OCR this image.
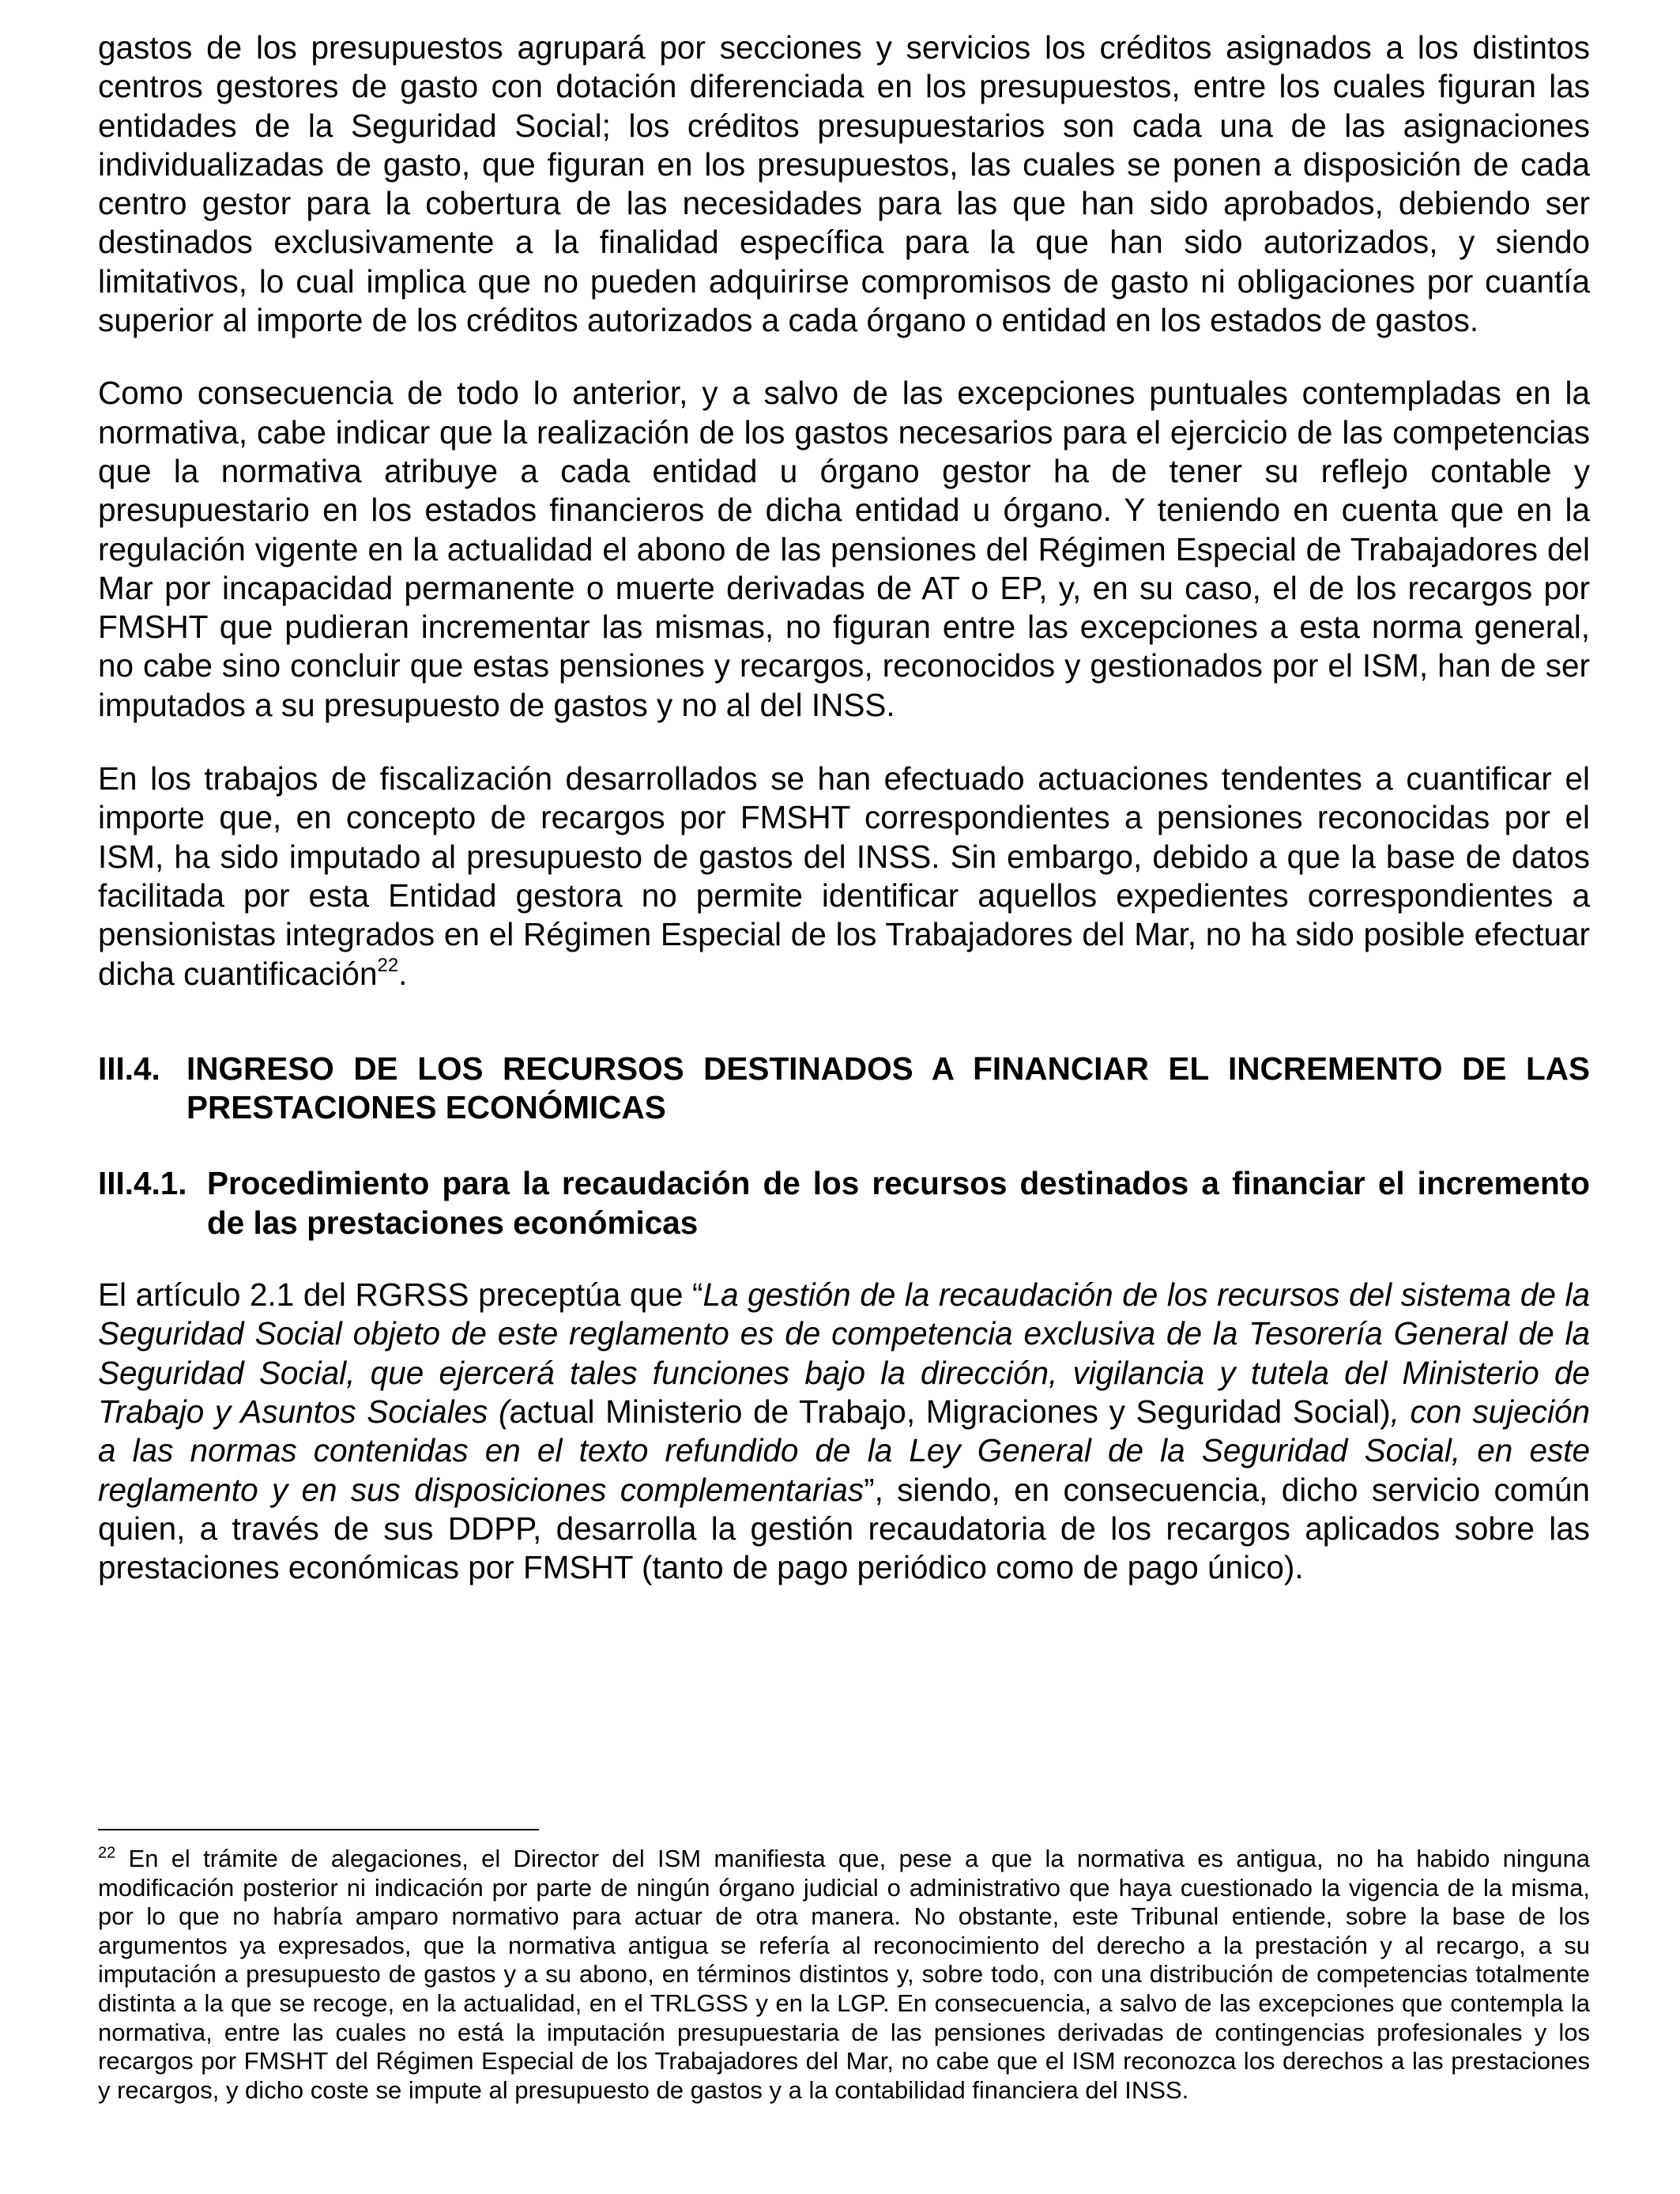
gastos de los presupuestos agrupará por secciones y servicios los créditos asignados a los distintos centros gestores de gasto con dotación diferenciada en los presupuestos, entre los cuales figuran las entidades de la Seguridad Social; los créditos presupuestarios son cada una de las asignaciones individualizadas de gasto, que figuran en los presupuestos, las cuales se ponen a disposición de cada centro gestor para la cobertura de las necesidades para las que han sido aprobados, debiendo ser destinados exclusivamente a la finalidad específica para la que han sido autorizados, y siendo limitativos, lo cual implica que no pueden adquirirse compromisos de gasto ni obligaciones por cuantía superior al importe de los créditos autorizados a cada órgano o entidad en los estados de gastos.

Como consecuencia de todo lo anterior, y a salvo de las excepciones puntuales contempladas en la normativa, cabe indicar que la realización de los gastos necesarios para el ejercicio de las competencias que la normativa atribuye a cada entidad u órgano gestor ha de tener su reflejo contable y presupuestario en los estados financieros de dicha entidad u órgano. Y teniendo en cuenta que en la regulación vigente en la actualidad el abono de las pensiones del Régimen Especial de Trabajadores del Mar por incapacidad permanente o muerte derivadas de AT o EP, y, en su caso, el de los recargos por FMSHT que pudieran incrementar las mismas, no figuran entre las excepciones a esta norma general, no cabe sino concluir que estas pensiones y recargos, reconocidos y gestionados por el ISM, han de ser imputados a su presupuesto de gastos y no al del INSS.

En los trabajos de fiscalización desarrollados se han efectuado actuaciones tendentes a cuantificar el importe que, en concepto de recargos por FMSHT correspondientes a pensiones reconocidas por el ISM, ha sido imputado al presupuesto de gastos del INSS. Sin embargo, debido a que la base de datos facilitada por esta Entidad gestora no permite identificar aquellos expedientes correspondientes a pensionistas integrados en el Régimen Especial de los Trabajadores del Mar, no ha sido posible efectuar dicha cuantificación$^{22}$.

III.4. INGRESO DE LOS RECURSOS DESTINADOS A FINANCIAR EL INCREMENTO DE LAS PRESTACIONES ECONÓMICAS
III.4.1. Procedimiento para la recaudación de los recursos destinados a financiar el incremento de las prestaciones económicas

El artículo 2.1 del RGRSS preceptúa que “La gestión de la recaudación de los recursos del sistema de la Seguridad Social objeto de este reglamento es de competencia exclusiva de la Tesorería General de la Seguridad Social, que ejercerá tales funciones bajo la dirección, vigilancia y tutela del Ministerio de Trabajo y Asuntos Sociales (actual Ministerio de Trabajo, Migraciones y Seguridad Social), con sujeción a las normas contenidas en el texto refundido de la Ley General de la Seguridad Social, en este reglamento y en sus disposiciones complementarias”, siendo, en consecuencia, dicho servicio común quien, a través de sus DDPP, desarrolla la gestión recaudatoria de los recargos aplicados sobre las prestaciones económicas por FMSHT (tanto de pago periódico como de pago único).

$^{22}$ En el trámite de alegaciones, el Director del ISM manifiesta que, pese a que la normativa es antigua, no ha habido ninguna modificación posterior ni indicación por parte de ningún órgano judicial o administrativo que haya cuestionado la vigencia de la misma, por lo que no habría amparo normativo para actuar de otra manera. No obstante, este Tribunal entiende, sobre la base de los argumentos ya expresados, que la normativa antigua se refería al reconocimiento del derecho a la prestación y al recargo, a su imputación a presupuesto de gastos y a su abono, en términos distintos y, sobre todo, con una distribución de competencias totalmente distinta a la que se recoge, en la actualidad, en el TRLGSS y en la LGP. En consecuencia, a salvo de las excepciones que contempla la normativa, entre las cuales no está la imputación presupuestaria de las pensiones derivadas de contingencias profesionales y los recargos por FMSHT del Régimen Especial de los Trabajadores del Mar, no cabe que el ISM reconozca los derechos a las prestaciones y recargos, y dicho coste se impute al presupuesto de gastos y a la contabilidad financiera del INSS.
